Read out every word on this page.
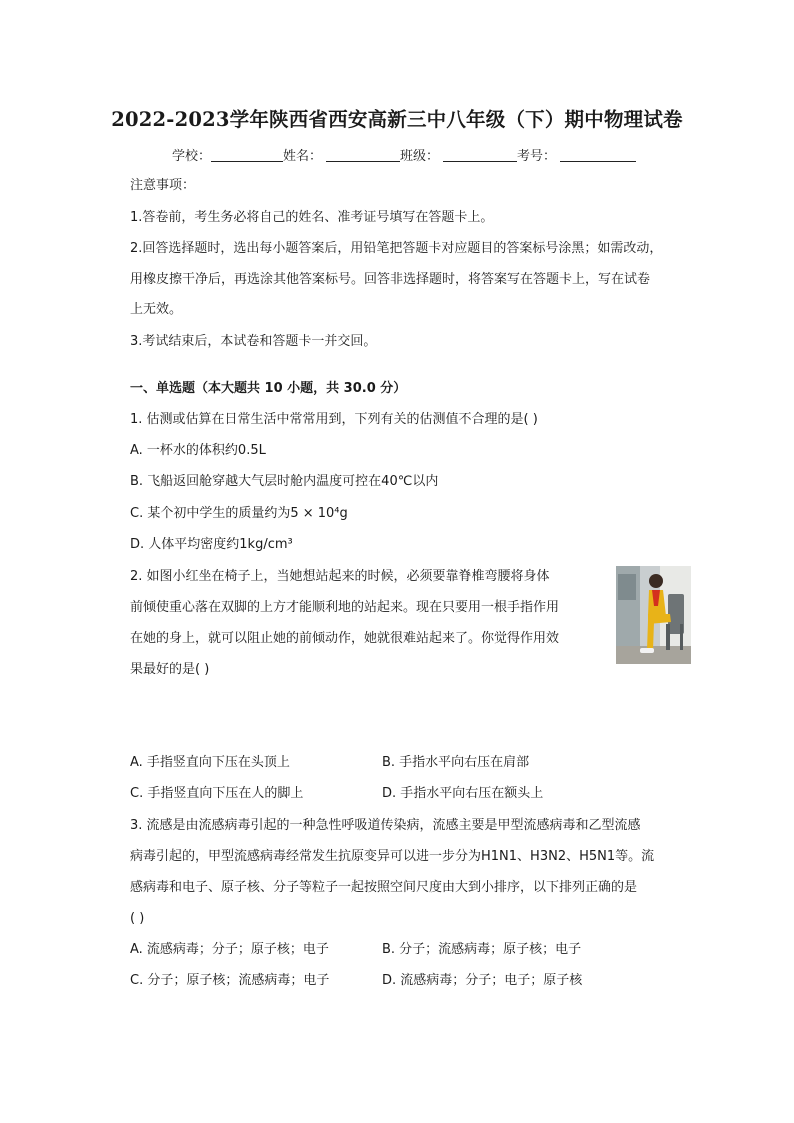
2022-2023学年陕西省西安高新三中八年级（下）期中物理试卷
学校：	姓名：	班级：	考号：
注意事项：
1.答卷前，考生务必将自己的姓名、准考证号填写在答题卡上。
2.回答选择题时，选出每小题答案后，用铅笔把答题卡对应题目的答案标号涂黑；如需改动，
用橡皮擦干净后，再选涂其他答案标号。回答非选择题时，将答案写在答题卡上，写在试卷
上无效。
3.考试结束后，本试卷和答题卡一并交回。
一、单选题（本大题共 10 小题，共 30.0 分）
1. 估测或估算在日常生活中常常用到，下列有关的估测值不合理的是( )
A. 一杯水的体积约0.5L
B. 飞船返回舱穿越大气层时舱内温度可控在40℃以内
C. 某个初中学生的质量约为5 × 10⁴g
D. 人体平均密度约1kg/cm³
2. 如图小红坐在椅子上，当她想站起来的时候，必须要靠脊椎弯腰将身体
前倾使重心落在双脚的上方才能顺利地的站起来。现在只要用一根手指作用
在她的身上，就可以阻止她的前倾动作，她就很难站起来了。你觉得作用效
果最好的是( )
A. 手指竖直向下压在头顶上	B. 手指水平向右压在肩部
C. 手指竖直向下压在人的脚上	D. 手指水平向右压在额头上
3. 流感是由流感病毒引起的一种急性呼吸道传染病，流感主要是甲型流感病毒和乙型流感
病毒引起的，甲型流感病毒经常发生抗原变异可以进一步分为H1N1、H3N2、H5N1等。流
感病毒和电子、原子核、分子等粒子一起按照空间尺度由大到小排序，以下排列正确的是
( )
A. 流感病毒；分子；原子核；电子	B. 分子；流感病毒；原子核；电子
C. 分子；原子核；流感病毒；电子	D. 流感病毒；分子；电子；原子核
